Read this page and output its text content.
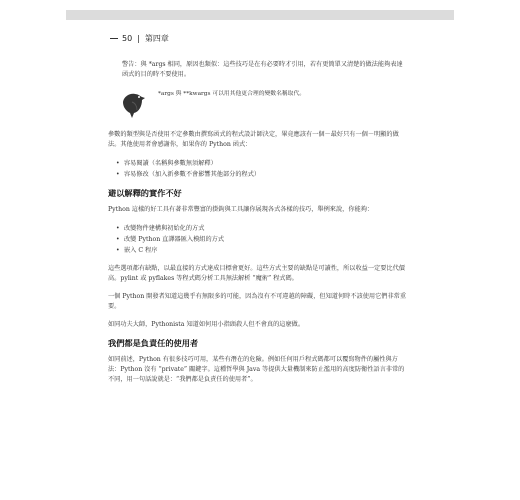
50 | 第四章

警告：與 *args 相同，原因也類似：這些技巧是在有必要時才引用，若有更簡單又清楚的做法能夠表達函式的目的時不要使用。

*args 與 **kwargs 可以用其他更合理的變數名稱取代。

參數的類型與是否使用不定參數由撰寫函式的程式設計師決定，畢竟應該有一個－最好只有一個－明顯的做法。其他使用者會感謝你，如果你的 Python 函式：

• 容易閱讀（名稱與參數無須解釋）
• 容易修改（加入新參數不會影響其他部分的程式）
避以解釋的實作不好

Python 這樣的好工具有著非常豐富的掛鉤與工具讓你展現各式各樣的技巧，舉例來說，你能夠：

• 改變物件建構與初始化的方式
• 改變 Python 直譯器匯入模組的方式
• 嵌入 C 程序

這些選項都有缺點，以最直接的方式達成目標會更好。這些方式主要的缺點是可讀性，所以收益一定要比代價高。pylint 或 pyflakes 等程式碼分析工具無法解析 “魔術” 程式碼。

一個 Python 開發者知道這幾乎有無限多的可能，因為沒有不可違越的障礙，但知道何時不該使用它們非常重要。

如同功夫大師，Pythonista 知道如何用小指頭殺人但不會真的這麼做。

我們都是負責任的使用者

如同前述，Python 有很多技巧可用，某些有潛在的危險。例如任何用戶程式碼都可以覆寫物件的屬性與方法：Python 沒有 “private” 關鍵字。這種哲學與 Java 等提供大量機制來防止濫用的高度防衛性語言非常的不同，用一句話說就是：“我們都是負責任的使用者”。
